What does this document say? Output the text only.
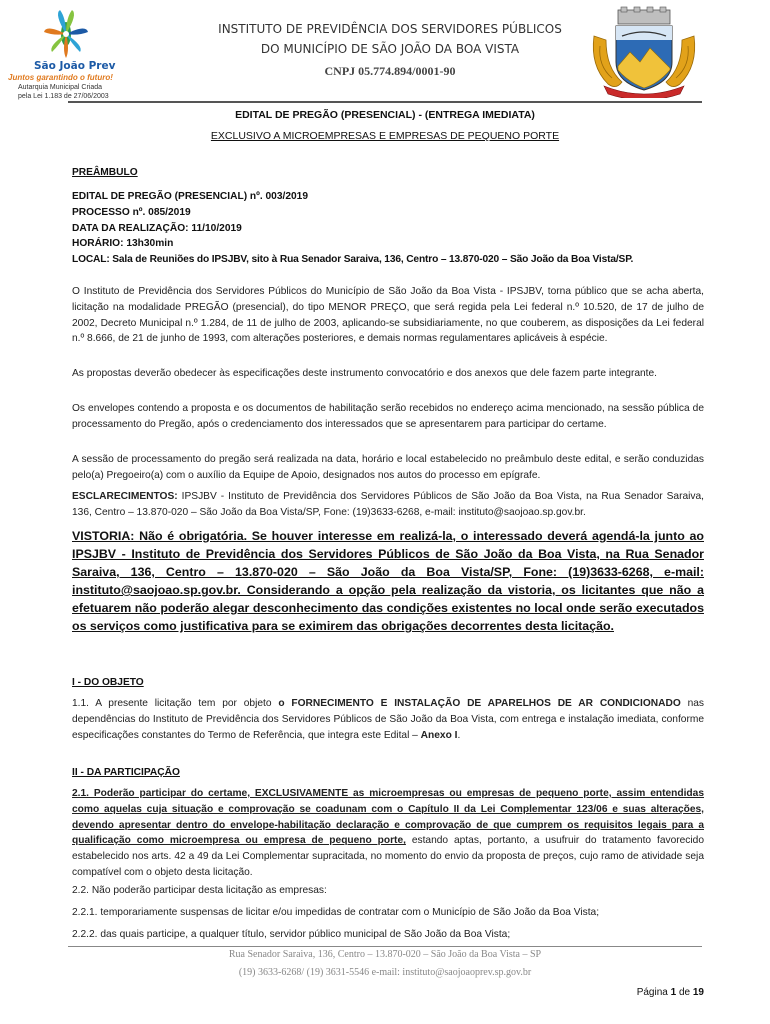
São João Prev
Juntos garantindo o futuro!
Autarquia Municipal Criada
pela Lei 1.183 de 27/06/2003
INSTITUTO DE PREVIDÊNCIA DOS SERVIDORES PÚBLICOS
DO MUNICÍPIO DE SÃO JOÃO DA BOA VISTA
CNPJ 05.774.894/0001-90
EDITAL DE PREGÃO (PRESENCIAL) - (ENTREGA IMEDIATA)
EXCLUSIVO A MICROEMPRESAS E EMPRESAS DE PEQUENO PORTE
PREÂMBULO
EDITAL DE PREGÃO (PRESENCIAL) nº. 003/2019
PROCESSO nº. 085/2019
DATA DA REALIZAÇÃO: 11/10/2019
HORÁRIO: 13h30min
LOCAL: Sala de Reuniões do IPSJBV, sito à Rua Senador Saraiva, 136, Centro – 13.870-020 – São João da Boa Vista/SP.
O Instituto de Previdência dos Servidores Públicos do Município de São João da Boa Vista - IPSJBV, torna público que se acha aberta, licitação na modalidade PREGÃO (presencial), do tipo MENOR PREÇO, que será regida pela Lei federal n.º 10.520, de 17 de julho de 2002, Decreto Municipal n.º 1.284, de 11 de julho de 2003, aplicando-se subsidiariamente, no que couberem, as disposições da Lei federal n.º 8.666, de 21 de junho de 1993, com alterações posteriores, e demais normas regulamentares aplicáveis à espécie.
As propostas deverão obedecer às especificações deste instrumento convocatório e dos anexos que dele fazem parte integrante.
Os envelopes contendo a proposta e os documentos de habilitação serão recebidos no endereço acima mencionado, na sessão pública de processamento do Pregão, após o credenciamento dos interessados que se apresentarem para participar do certame.
A sessão de processamento do pregão será realizada na data, horário e local estabelecido no preâmbulo deste edital, e serão conduzidas pelo(a) Pregoeiro(a) com o auxílio da Equipe de Apoio, designados nos autos do processo em epígrafe.
ESCLARECIMENTOS: IPSJBV - Instituto de Previdência dos Servidores Públicos de São João da Boa Vista, na Rua Senador Saraiva, 136, Centro – 13.870-020 – São João da Boa Vista/SP, Fone: (19)3633-6268, e-mail: instituto@saojoao.sp.gov.br.
VISTORIA: Não é obrigatória. Se houver interesse em realizá-la, o interessado deverá agendá-la junto ao IPSJBV - Instituto de Previdência dos Servidores Públicos de São João da Boa Vista, na Rua Senador Saraiva, 136, Centro – 13.870-020 – São João da Boa Vista/SP, Fone: (19)3633-6268, e-mail: instituto@saojoao.sp.gov.br. Considerando a opção pela realização da vistoria, os licitantes que não a efetuarem não poderão alegar desconhecimento das condições existentes no local onde serão executados os serviços como justificativa para se eximirem das obrigações decorrentes desta licitação.
I - DO OBJETO
1.1. A presente licitação tem por objeto o FORNECIMENTO E INSTALAÇÃO DE APARELHOS DE AR CONDICIONADO nas dependências do Instituto de Previdência dos Servidores Públicos de São João da Boa Vista, com entrega e instalação imediata, conforme especificações constantes do Termo de Referência, que integra este Edital – Anexo I.
II - DA PARTICIPAÇÃO
2.1. Poderão participar do certame, EXCLUSIVAMENTE as microempresas ou empresas de pequeno porte, assim entendidas como aquelas cuja situação e comprovação se coadunam com o Capítulo II da Lei Complementar 123/06 e suas alterações, devendo apresentar dentro do envelope-habilitação declaração e comprovação de que cumprem os requisitos legais para a qualificação como microempresa ou empresa de pequeno porte, estando aptas, portanto, a usufruir do tratamento favorecido estabelecido nos arts. 42 a 49 da Lei Complementar supracitada, no momento do envio da proposta de preços, cujo ramo de atividade seja compatível com o objeto desta licitação.
2.2. Não poderão participar desta licitação as empresas:
2.2.1. temporariamente suspensas de licitar e/ou impedidas de contratar com o Município de São João da Boa Vista;
2.2.2. das quais participe, a qualquer título, servidor público municipal de São João da Boa Vista;
Rua Senador Saraiva, 136, Centro – 13.870-020 – São João da Boa Vista – SP
(19) 3633-6268/ (19) 3631-5546 e-mail: instituto@saojoaoprev.sp.gov.br
Página 1 de 19
